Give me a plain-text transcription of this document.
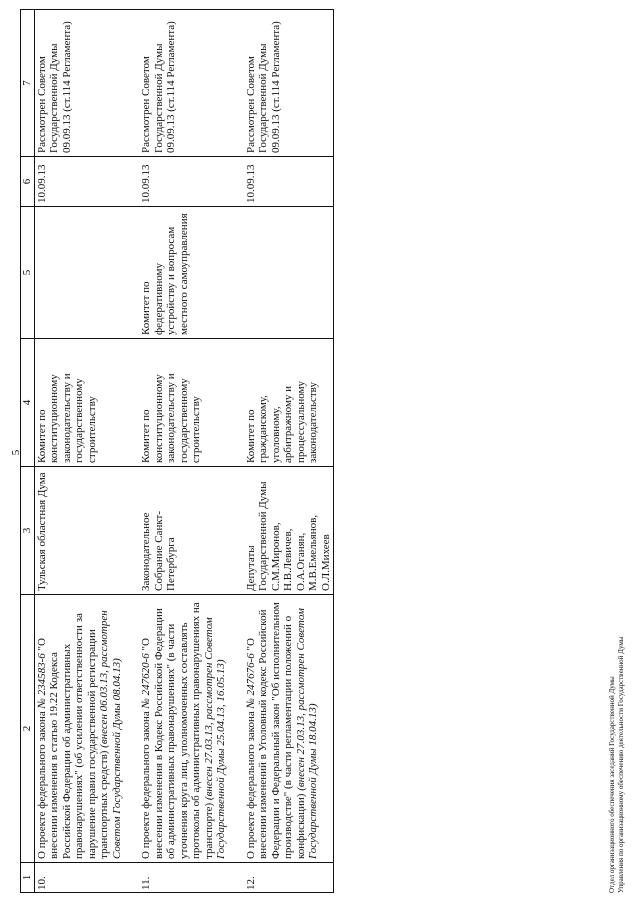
5
1	2	3	4	5	6	7
10.	О проекте федерального закона № 234583-6 "О внесении изменения в статью 19.22 Кодекса Российской Федерации об административных правонарушениях" (об усилении ответственности за нарушение правил государственной регистрации транспортных средств) (внесен 06.03.13, рассмотрен Советом Государственной Думы 08.04.13)	Тульская областная Дума	Комитет по конституционному законодательству и государственному строительству		10.09.13	Рассмотрен Советом Государственной Думы 09.09.13 (ст.114 Регламента)
11.	О проекте федерального закона № 247620-6 "О внесении изменения в Кодекс Российской Федерации об административных правонарушениях" (в части уточнения круга лиц, уполномоченных составлять протоколы об административных правонарушениях на транспорте) (внесен 27.03.13, рассмотрен Советом Государственной Думы 25.04.13, 16.05.13)	Законодательное Собрание Санкт-Петербурга	Комитет по конституционному законодательству и государственному строительству	Комитет по федеративному устройству и вопросам местного самоуправления	10.09.13	Рассмотрен Советом Государственной Думы 09.09.13 (ст.114 Регламента)
12.	О проекте федерального закона № 247676-6 "О внесении изменений в Уголовный кодекс Российской Федерации и Федеральный закон "Об исполнительном производстве" (в части регламентации положений о конфискации) (внесен 27.03.13, рассмотрен Советом Государственной Думы 18.04.13)	Депутаты Государственной Думы С.М.Миронов, Н.В.Левичев, О.А.Оганян, М.В.Емельянов, О.Л.Михеев	Комитет по гражданскому, уголовному, арбитражному и процессуальному законодательству		10.09.13	Рассмотрен Советом Государственной Думы 09.09.13 (ст.114 Регламента)
Отдел организационного обеспечения заседаний Государственной Думы Управления по организационному обеспечению деятельности Государственной Думы
